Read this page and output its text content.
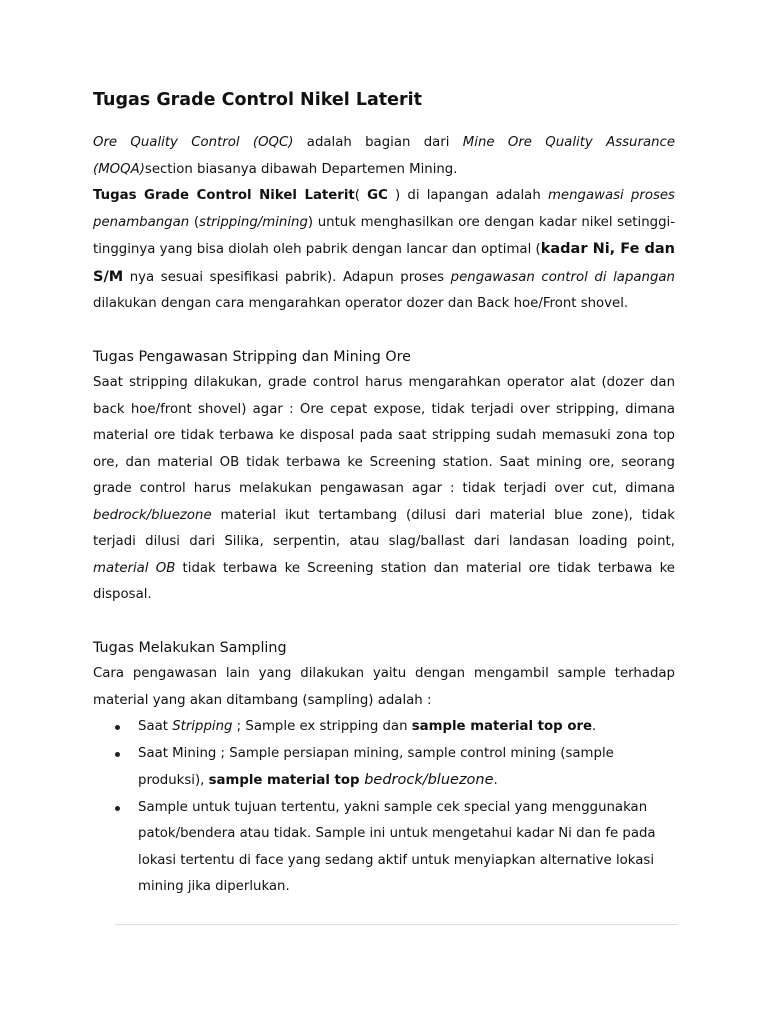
Tugas Grade Control Nikel Laterit

Ore Quality Control (OQC) adalah bagian dari Mine Ore Quality Assurance (MOQA)section biasanya dibawah Departemen Mining.

Tugas Grade Control Nikel Laterit( GC ) di lapangan adalah mengawasi proses penambangan (stripping/mining) untuk menghasilkan ore dengan kadar nikel setinggi-tingginya yang bisa diolah oleh pabrik dengan lancar dan optimal (kadar Ni, Fe dan S/M nya sesuai spesifikasi pabrik). Adapun proses pengawasan control di lapangan dilakukan dengan cara mengarahkan operator dozer dan Back hoe/Front shovel.

Tugas Pengawasan Stripping dan Mining Ore

Saat stripping dilakukan, grade control harus mengarahkan operator alat (dozer dan back hoe/front shovel) agar : Ore cepat expose, tidak terjadi over stripping, dimana material ore tidak terbawa ke disposal pada saat stripping sudah memasuki zona top ore, dan material OB tidak terbawa ke Screening station. Saat mining ore, seorang grade control harus melakukan pengawasan agar : tidak terjadi over cut, dimana bedrock/bluezone material ikut tertambang (dilusi dari material blue zone), tidak terjadi dilusi dari Silika, serpentin, atau slag/ballast dari landasan loading point, material OB tidak terbawa ke Screening station dan material ore tidak terbawa ke disposal.

Tugas Melakukan Sampling

Cara pengawasan lain yang dilakukan yaitu dengan mengambil sample terhadap material yang akan ditambang (sampling) adalah :

Saat Stripping ; Sample ex stripping dan sample material top ore.
Saat Mining ; Sample persiapan mining, sample control mining (sample produksi), sample material top bedrock/bluezone.
Sample untuk tujuan tertentu, yakni sample cek special yang menggunakan patok/bendera atau tidak. Sample ini untuk mengetahui kadar Ni dan fe pada lokasi tertentu di face yang sedang aktif untuk menyiapkan alternative lokasi mining jika diperlukan.
